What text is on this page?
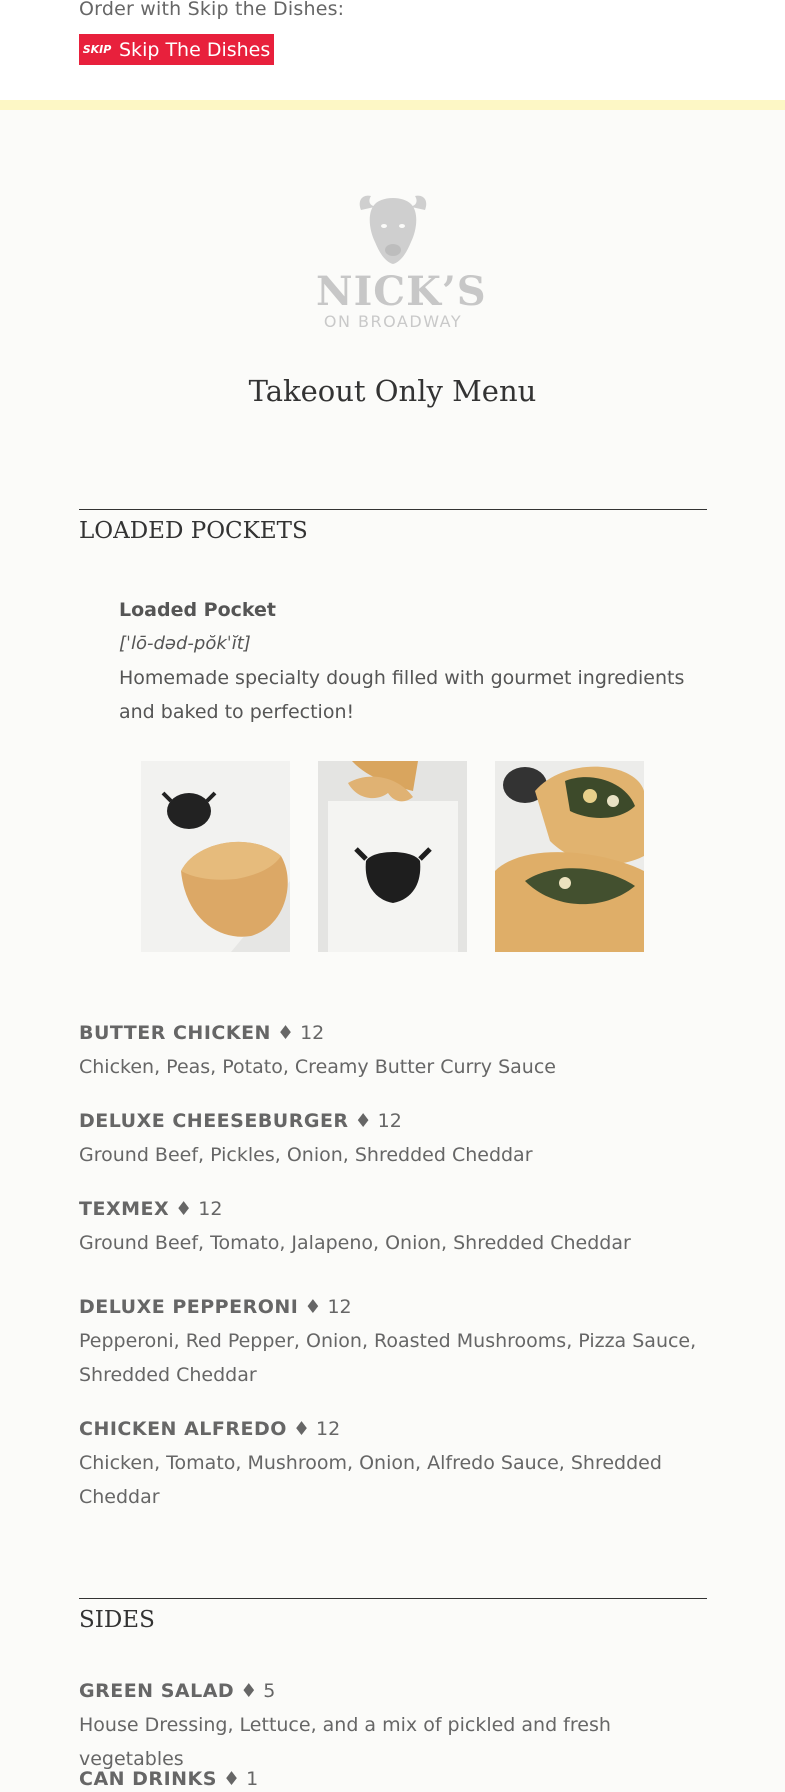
Order with Skip the Dishes:
SKIP Skip The Dishes
NICK’S
ON BROADWAY
Takeout Only Menu
LOADED POCKETS
Loaded Pocket
[ˈlō-dəd-pŏkˈĭt]
Homemade specialty dough filled with gourmet ingredients and baked to perfection!
BUTTER CHICKEN ♦ 12
Chicken, Peas, Potato, Creamy Butter Curry Sauce
DELUXE CHEESEBURGER ♦ 12
Ground Beef, Pickles, Onion, Shredded Cheddar
TEXMEX ♦ 12
Ground Beef, Tomato, Jalapeno, Onion, Shredded Cheddar
DELUXE PEPPERONI ♦ 12
Pepperoni, Red Pepper, Onion, Roasted Mushrooms, Pizza Sauce, Shredded Cheddar
CHICKEN ALFREDO ♦ 12
Chicken, Tomato, Mushroom, Onion, Alfredo Sauce, Shredded Cheddar
SIDES
GREEN SALAD ♦ 5
House Dressing, Lettuce, and a mix of pickled and fresh vegetables
CAN DRINKS ♦ 1
